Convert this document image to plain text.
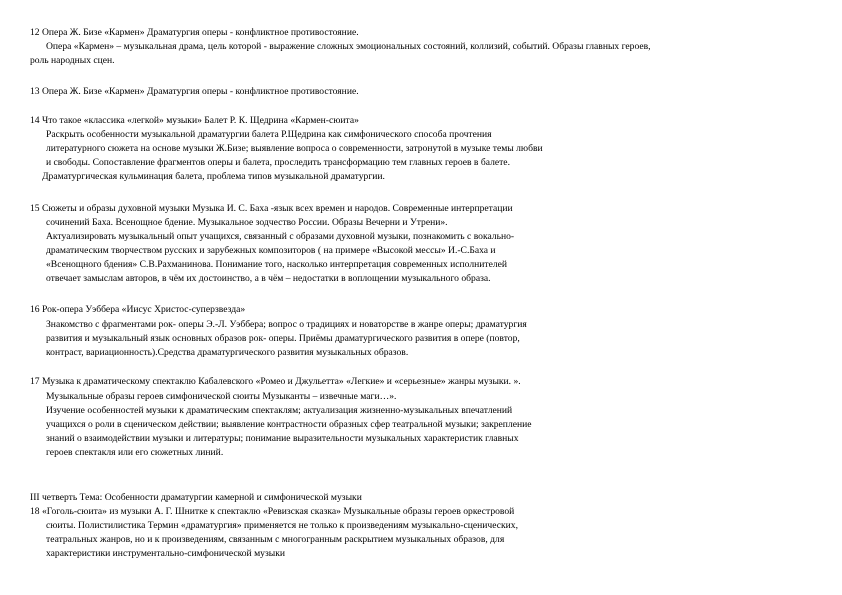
12 Опера Ж. Бизе «Кармен» Драматургия оперы - конфликтное противостояние.
Опера «Кармен» – музыкальная драма, цель которой - выражение сложных эмоциональных состояний, коллизий, событий. Образы главных героев,
роль народных сцен.
13 Опера Ж. Бизе «Кармен» Драматургия оперы - конфликтное противостояние.
14 Что такое «классика «легкой» музыки» Балет Р. К. Щедрина «Кармен-сюита»
Раскрыть особенности музыкальной драматургии балета Р.Щедрина как симфонического способа прочтения
литературного сюжета на основе музыки Ж.Бизе; выявление вопроса о современности, затронутой в музыке темы любви
и свободы. Сопоставление фрагментов оперы и балета, проследить трансформацию тем главных героев в балете.
Драматургическая кульминация балета, проблема типов музыкальной драматургии.
15 Сюжеты и образы духовной музыки Музыка И. С. Баха -язык всех времен и народов. Современные интерпретации
сочинений Баха. Всенощное бдение. Музыкальное зодчество России. Образы Вечерни и Утрени».
Актуализировать музыкальный опыт учащихся, связанный с образами духовной музыки, познакомить с вокально-
драматическим творчеством русских и зарубежных композиторов ( на примере «Высокой мессы» И.-С.Баха и
«Всенощного бдения» С.В.Рахманинова. Понимание того, насколько интерпретация современных исполнителей
отвечает замыслам авторов, в чём их достоинство, а в чём – недостатки в воплощении музыкального образа.
16 Рок-опера Уэббера «Иисус Христос-суперзвезда»
Знакомство с фрагментами рок- оперы Э.-Л. Уэббера; вопрос о традициях и новаторстве в жанре оперы; драматургия
развития и музыкальный язык основных образов рок- оперы. Приёмы драматургического развития в опере (повтор,
контраст, вариационность).Средства драматургического развития музыкальных образов.
17 Музыка к драматическому спектаклю Кабалевского «Ромео и Джульетта» «Легкие» и «серьезные» жанры музыки. ».
Музыкальные образы героев симфонической сюиты Музыканты – извечные маги…».
Изучение особенностей музыки к драматическим спектаклям; актуализация жизненно-музыкальных впечатлений
учащихся о роли в сценическом действии; выявление контрастности образных сфер театральной музыки; закрепление
знаний о взаимодействии музыки и литературы; понимание выразительности музыкальных характеристик главных
героев спектакля или его сюжетных линий.
III четверть Тема: Особенности драматургии камерной и симфонической музыки
18 «Гоголь-сюита» из музыки А. Г. Шнитке к спектаклю «Ревизская сказка» Музыкальные образы героев оркестровой
сюиты. Полистилистика Термин «драматургия» применяется не только к произведениям музыкально-сценических,
театральных жанров, но и к произведениям, связанным с многогранным раскрытием музыкальных образов, для
характеристики инструментально-симфонической музыки
